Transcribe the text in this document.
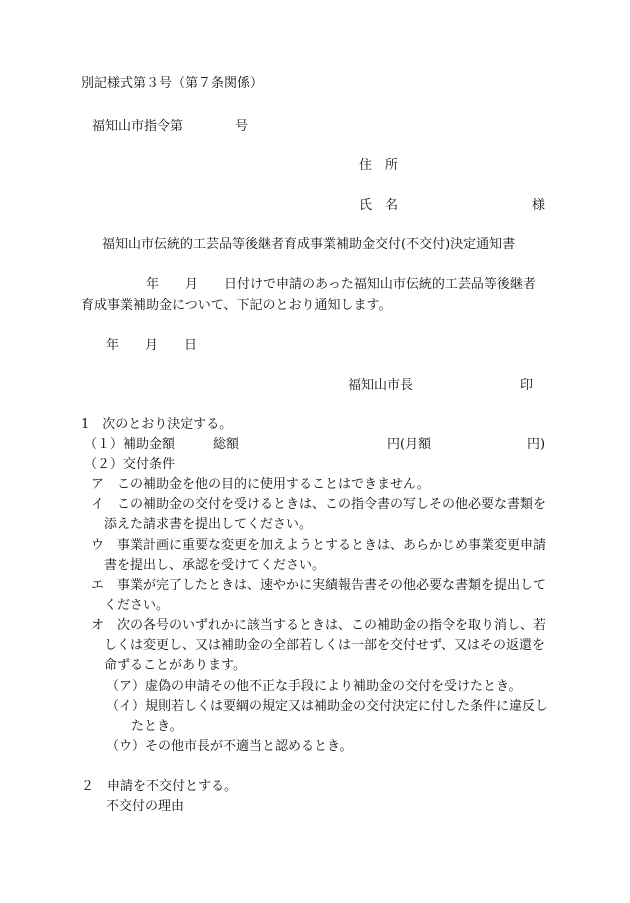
別記様式第３号（第７条関係）
福知山市指令第　　　　号
住　所
氏　名	様
福知山市伝統的工芸品等後継者育成事業補助金交付(不交付)決定通知書
年　　月　　日付けで申請のあった福知山市伝統的工芸品等後継者
育成事業補助金について、下記のとおり通知します。
年　　月　　日
福知山市長	印
1　次のとおり決定する。
（１）補助金額	総額	円(月額	円)
（２）交付条件
ア　この補助金を他の目的に使用することはできません。
イ　この補助金の交付を受けるときは、この指令書の写しその他必要な書類を
添えた請求書を提出してください。
ウ　事業計画に重要な変更を加えようとするときは、あらかじめ事業変更申請
書を提出し、承認を受けてください。
エ　事業が完了したときは、速やかに実績報告書その他必要な書類を提出して
ください。
オ　次の各号のいずれかに該当するときは、この補助金の指令を取り消し、若
しくは変更し、又は補助金の全部若しくは一部を交付せず、又はその返還を
命ずることがあります。
（ア）虚偽の申請その他不正な手段により補助金の交付を受けたとき。
（イ）規則若しくは要綱の規定又は補助金の交付決定に付した条件に違反し
たとき。
（ウ）その他市長が不適当と認めるとき。
２　申請を不交付とする。
不交付の理由
